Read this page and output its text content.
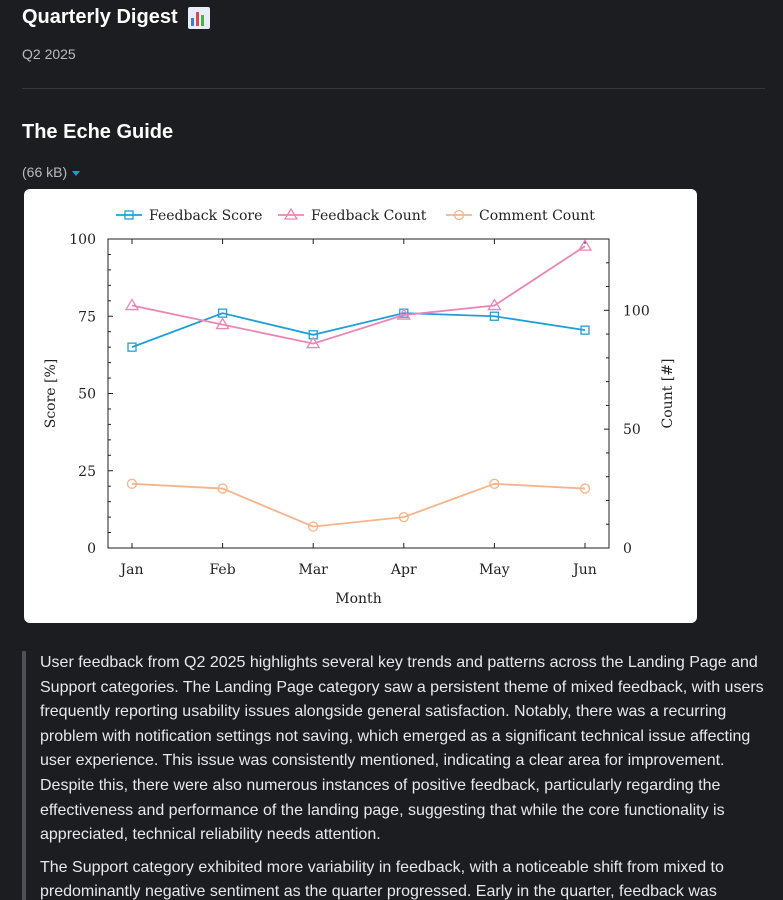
Quarterly Digest
Q2 2025
The Eche Guide
(66 kB)
0
25
50
75
100
0
50
100
Jan	Feb	Mar	Apr	May	Jun
Month
Score [%]	Count [#]
Feedback Score	Feedback Count	Comment Count

User feedback from Q2 2025 highlights several key trends and patterns across the Landing Page and Support categories. The Landing Page category saw a persistent theme of mixed feedback, with users frequently reporting usability issues alongside general satisfaction. Notably, there was a recurring problem with notification settings not saving, which emerged as a significant technical issue affecting user experience. This issue was consistently mentioned, indicating a clear area for improvement. Despite this, there were also numerous instances of positive feedback, particularly regarding the effectiveness and performance of the landing page, suggesting that while the core functionality is appreciated, technical reliability needs attention.

The Support category exhibited more variability in feedback, with a noticeable shift from mixed to predominantly negative sentiment as the quarter progressed. Early in the quarter, feedback was
